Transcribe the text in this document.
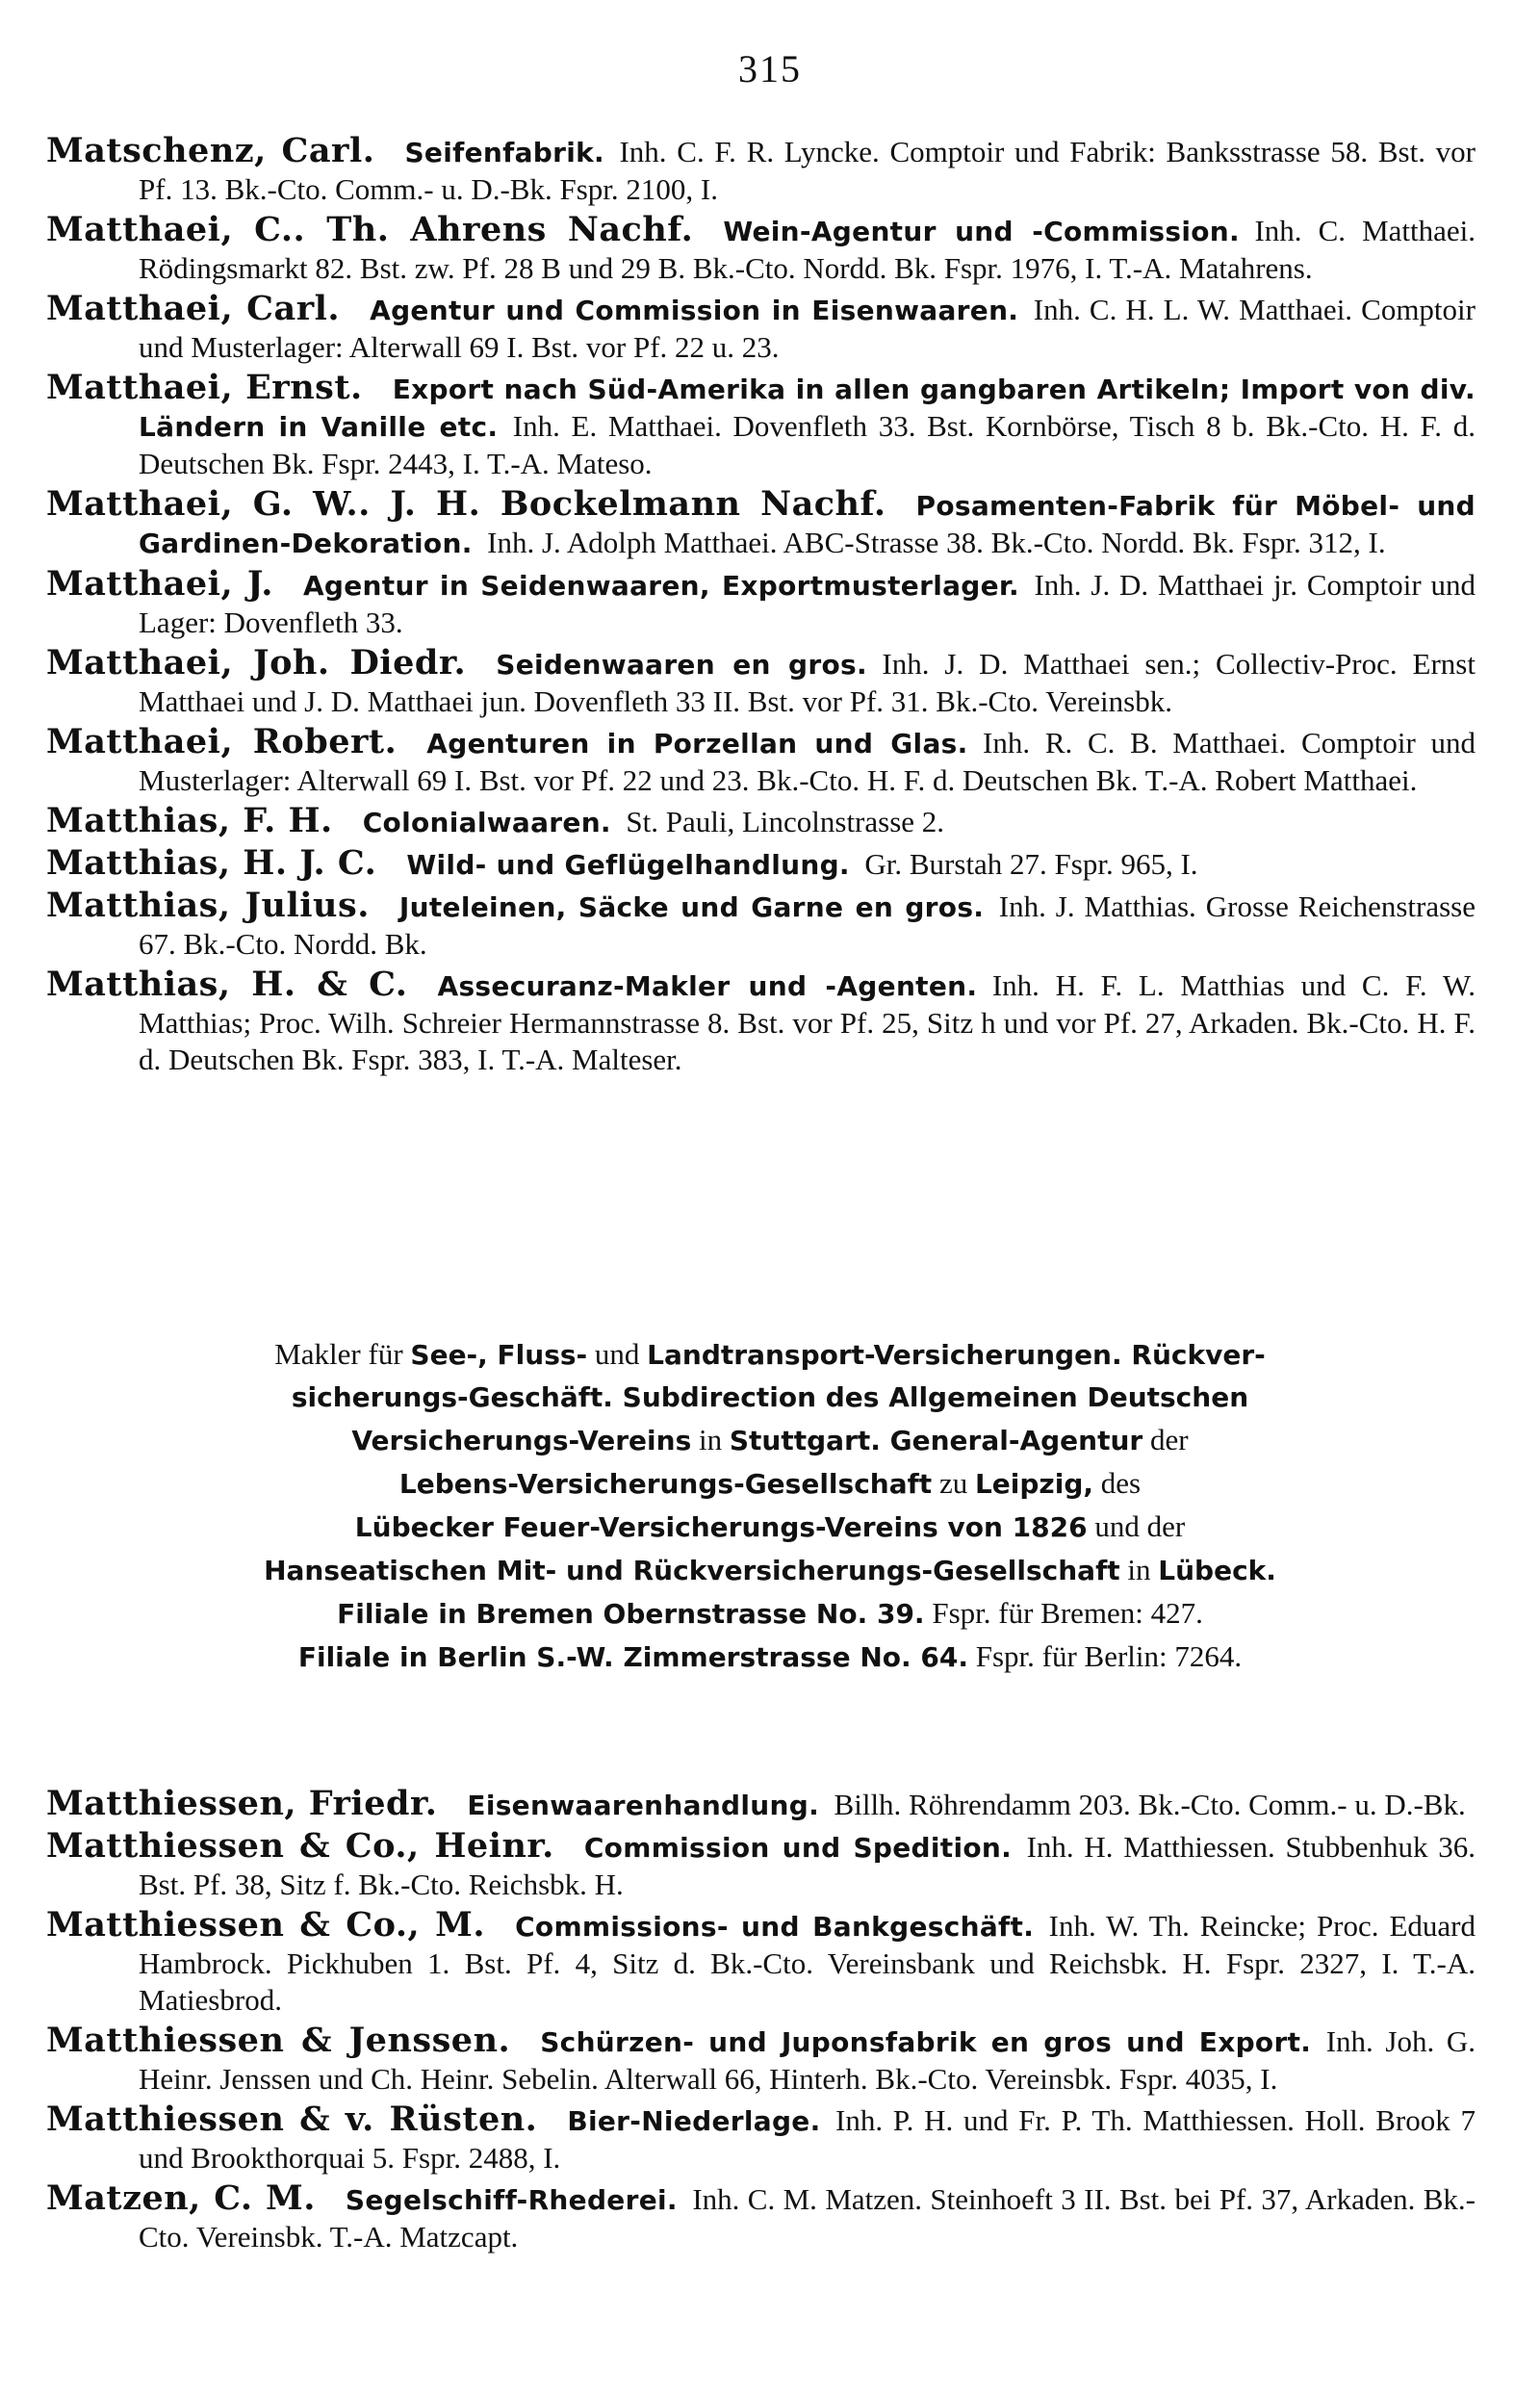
315
Matschenz, Carl.  Seifenfabrik.  Inh. C. F. R. Lyncke. Comptoir und Fabrik: Banksstrasse 58. Bst. vor Pf. 13. Bk.-Cto. Comm.- u. D.-Bk. Fspr. 2100, I.
Matthaei, C.. Th. Ahrens Nachf.  Wein-Agentur und -Commission.  Inh. C. Matthaei. Rödingsmarkt 82. Bst. zw. Pf. 28 B und 29 B. Bk.-Cto. Nordd. Bk. Fspr. 1976, I. T.-A. Matahrens.
Matthaei, Carl.  Agentur und Commission in Eisenwaaren.  Inh. C. H. L. W. Matthaei. Comptoir und Musterlager: Alterwall 69 I. Bst. vor Pf. 22 u. 23.
Matthaei, Ernst.  Export nach Süd-Amerika in allen gangbaren Artikeln; Import von div. Ländern in Vanille etc.  Inh. E. Matthaei. Dovenfleth 33. Bst. Kornbörse, Tisch 8 b. Bk.-Cto. H. F. d. Deutschen Bk. Fspr. 2443, I. T.-A. Mateso.
Matthaei, G. W.. J. H. Bockelmann Nachf.  Posamenten-Fabrik für Möbel- und Gardinen-Dekoration.  Inh. J. Adolph Matthaei. ABC-Strasse 38. Bk.-Cto. Nordd. Bk. Fspr. 312, I.
Matthaei, J.  Agentur in Seidenwaaren, Exportmusterlager.  Inh. J. D. Matthaei jr. Comptoir und Lager: Dovenfleth 33.
Matthaei, Joh. Diedr.  Seidenwaaren en gros.  Inh. J. D. Matthaei sen.; Collectiv-Proc. Ernst Matthaei und J. D. Matthaei jun. Dovenfleth 33 II. Bst. vor Pf. 31. Bk.-Cto. Vereinsbk.
Matthaei, Robert.  Agenturen in Porzellan und Glas.  Inh. R. C. B. Matthaei. Comptoir und Musterlager: Alterwall 69 I. Bst. vor Pf. 22 und 23. Bk.-Cto. H. F. d. Deutschen Bk. T.-A. Robert Matthaei.
Matthias, F. H.  Colonialwaaren.  St. Pauli, Lincolnstrasse 2.
Matthias, H. J. C.  Wild- und Geflügelhandlung.  Gr. Burstah 27. Fspr. 965, I.
Matthias, Julius.  Juteleinen, Säcke und Garne en gros.  Inh. J. Matthias. Grosse Reichenstrasse 67. Bk.-Cto. Nordd. Bk.
Matthias, H. & C.  Assecuranz-Makler und -Agenten.  Inh. H. F. L. Matthias und C. F. W. Matthias; Proc. Wilh. Schreier Hermannstrasse 8. Bst. vor Pf. 25, Sitz h und vor Pf. 27, Arkaden. Bk.-Cto. H. F. d. Deutschen Bk. Fspr. 383, I. T.-A. Malteser.
Makler für See-, Fluss- und Landtransport-Versicherungen. Rückver-
sicherungs-Geschäft. Subdirection des Allgemeinen Deutschen
Versicherungs-Vereins in Stuttgart. General-Agentur der
Lebens-Versicherungs-Gesellschaft zu Leipzig, des
Lübecker Feuer-Versicherungs-Vereins von 1826 und der
Hanseatischen Mit- und Rückversicherungs-Gesellschaft in Lübeck.
Filiale in Bremen Obernstrasse No. 39. Fspr. für Bremen: 427.
Filiale in Berlin S.-W. Zimmerstrasse No. 64. Fspr. für Berlin: 7264.
Matthiessen, Friedr.  Eisenwaarenhandlung.  Billh. Röhrendamm 203. Bk.-Cto. Comm.- u. D.-Bk.
Matthiessen & Co., Heinr.  Commission und Spedition.  Inh. H. Matthiessen. Stubbenhuk 36. Bst. Pf. 38, Sitz f. Bk.-Cto. Reichsbk. H.
Matthiessen & Co., M.  Commissions- und Bankgeschäft.  Inh. W. Th. Reincke; Proc. Eduard Hambrock. Pickhuben 1. Bst. Pf. 4, Sitz d. Bk.-Cto. Vereinsbank und Reichsbk. H. Fspr. 2327, I. T.-A. Matiesbrod.
Matthiessen & Jenssen.  Schürzen- und Juponsfabrik en gros und Export.  Inh. Joh. G. Heinr. Jenssen und Ch. Heinr. Sebelin. Alterwall 66, Hinterh. Bk.-Cto. Vereinsbk. Fspr. 4035, I.
Matthiessen & v. Rüsten.  Bier-Niederlage.  Inh. P. H. und Fr. P. Th. Matthiessen. Holl. Brook 7 und Brookthorquai 5. Fspr. 2488, I.
Matzen, C. M.  Segelschiff-Rhederei.  Inh. C. M. Matzen. Steinhoeft 3 II. Bst. bei Pf. 37, Arkaden. Bk.-Cto. Vereinsbk. T.-A. Matzcapt.
